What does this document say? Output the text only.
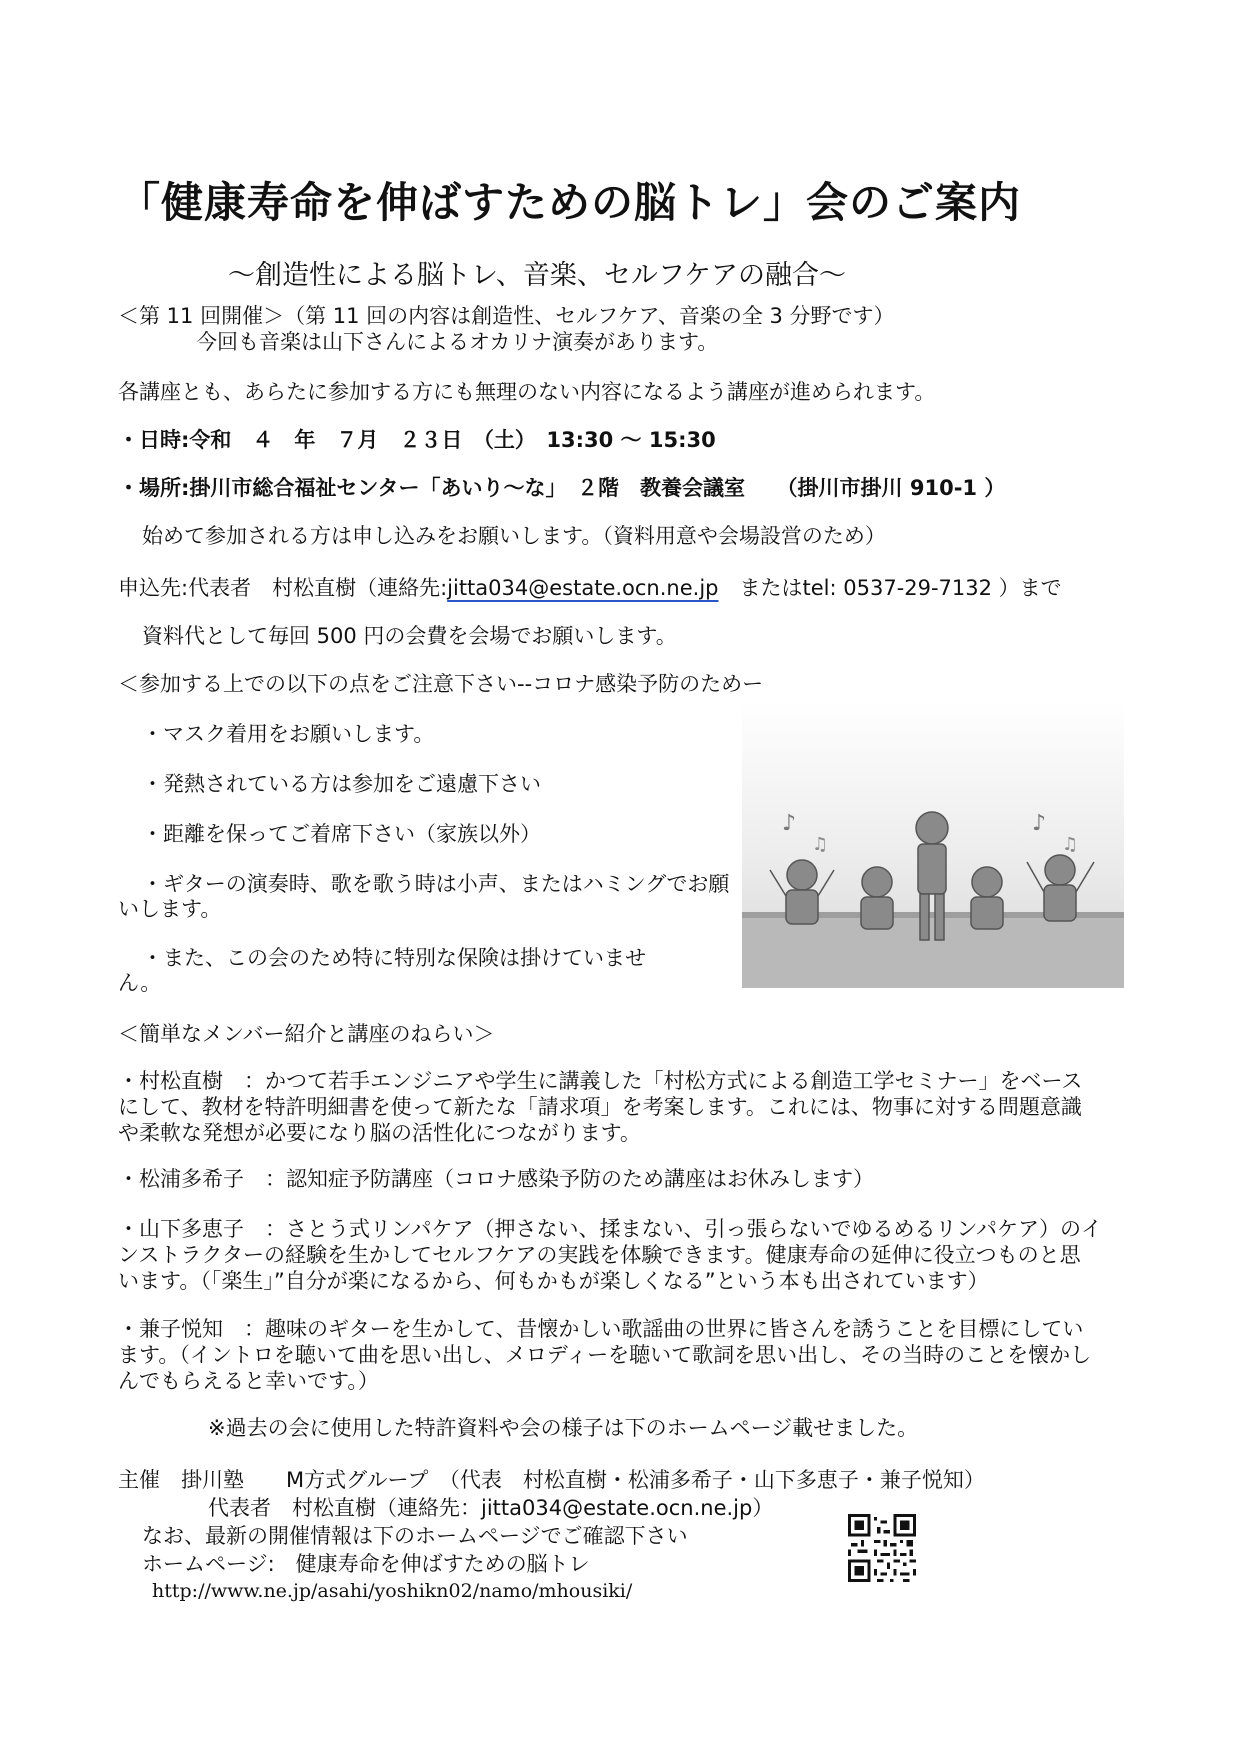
「健康寿命を伸ばすための脳トレ」会のご案内
～創造性による脳トレ、音楽、セルフケアの融合～
＜第 11 回開催＞（第 11 回の内容は創造性、セルフケア、音楽の全 3 分野です）
今回も音楽は山下さんによるオカリナ演奏があります。
各講座とも、あらたに参加する方にも無理のない内容になるよう講座が進められます。
・日時:令和　４　年　７月　２３日　（土）　13:30 ～ 15:30
・場所:掛川市総合福祉センター「あいり～な」　２階　教養会議室　　（掛川市掛川 910-1 ）
始めて参加される方は申し込みをお願いします。（資料用意や会場設営のため）
申込先:代表者　村松直樹（連絡先:jitta034@estate.ocn.ne.jp　またはtel: 0537-29-7132 ）まで
資料代として毎回 500 円の会費を会場でお願いします。
＜参加する上での以下の点をご注意下さい--コロナ感染予防のためー
・マスク着用をお願いします。
・発熱されている方は参加をご遠慮下さい
・距離を保ってご着席下さい（家族以外）
・ギターの演奏時、歌を歌う時は小声、またはハミングでお願
いします。
・また、この会のため特に特別な保険は掛けていませ
ん。
♪
♫
♪
♫
＜簡単なメンバー紹介と講座のねらい＞
・村松直樹　：かつて若手エンジニアや学生に講義した「村松方式による創造工学セミナー」をベース
にして、教材を特許明細書を使って新たな「請求項」を考案します。これには、物事に対する問題意識
や柔軟な発想が必要になり脳の活性化につながります。
・松浦多希子　：認知症予防講座（コロナ感染予防のため講座はお休みします）
・山下多恵子　：さとう式リンパケア（押さない、揉まない、引っ張らないでゆるめるリンパケア）のイ
ンストラクターの経験を生かしてセルフケアの実践を体験できます。健康寿命の延伸に役立つものと思
います。（「楽生」”自分が楽になるから、何もかもが楽しくなる”という本も出されています）
・兼子悦知　：趣味のギターを生かして、昔懐かしい歌謡曲の世界に皆さんを誘うことを目標にしてい
ます。（イントロを聴いて曲を思い出し、メロディーを聴いて歌詞を思い出し、その当時のことを懐かし
んでもらえると幸いです。）
※過去の会に使用した特許資料や会の様子は下のホームページ載せました。
主催　掛川塾　　M方式グループ　（代表　村松直樹・松浦多希子・山下多恵子・兼子悦知）
代表者　村松直樹（連絡先：jitta034@estate.ocn.ne.jp）
なお、最新の開催情報は下のホームページでご確認下さい
ホームページ:　健康寿命を伸ばすための脳トレ
http://www.ne.jp/asahi/yoshikn02/namo/mhousiki/
